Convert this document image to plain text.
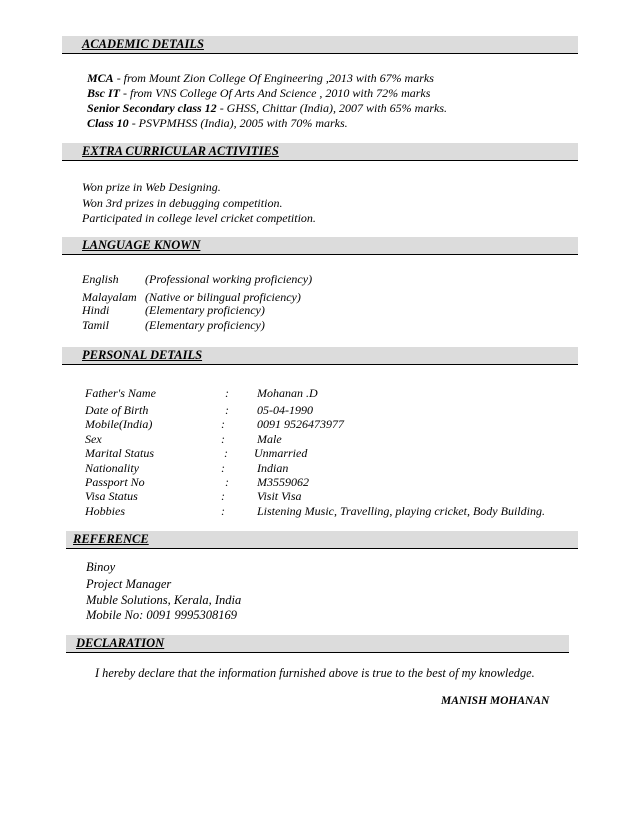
ACADEMIC DETAILS
MCA - from Mount Zion College Of Engineering ,2013 with 67% marks
Bsc IT - from VNS College Of Arts And Science , 2010 with 72% marks
Senior Secondary class 12 - GHSS, Chittar (India), 2007 with 65% marks.
Class 10 - PSVPMHSS (India), 2005 with 70% marks.
EXTRA CURRICULAR ACTIVITIES
Won prize in Web Designing.
Won 3rd prizes in debugging competition.
Participated in college level cricket competition.
LANGUAGE KNOWN
English (Professional working proficiency)
Malayalam (Native or bilingual proficiency)
Hindi	(Elementary proficiency)
Tamil	(Elementary proficiency)
PERSONAL DETAILS
Father's Name	: Mohanan .D
Date of Birth	: 05-04-1990
Mobile(India)	:	0091 9526473977
Sex	:	Male
Marital Status	: Unmarried
Nationality	:	Indian
Passport No	: M3559062
Visa Status	:	Visit Visa
Hobbies	:	Listening Music, Travelling, playing cricket, Body Building.
REFERENCE
Binoy
Project Manager
Muble Solutions, Kerala, India
Mobile No: 0091 9995308169
DECLARATION
I hereby declare that the information furnished above is true to the best of my knowledge.
MANISH MOHANAN
